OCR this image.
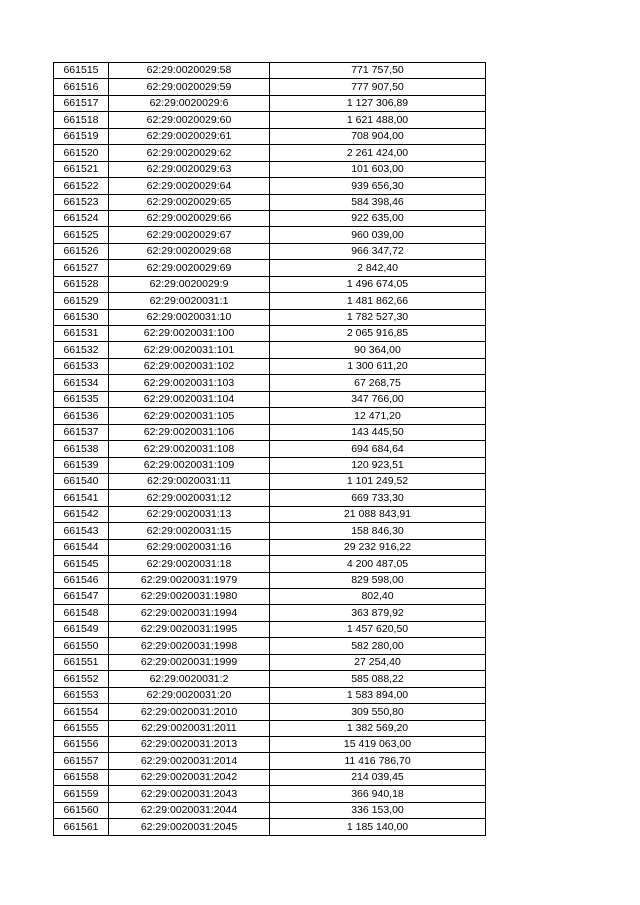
661515	62:29:0020029:58	771 757,50
661516	62:29:0020029:59	777 907,50
661517	62:29:0020029:6	1 127 306,89
661518	62:29:0020029:60	1 621 488,00
661519	62:29:0020029:61	708 904,00
661520	62:29:0020029:62	2 261 424,00
661521	62:29:0020029:63	101 603,00
661522	62:29:0020029:64	939 656,30
661523	62:29:0020029:65	584 398,46
661524	62:29:0020029:66	922 635,00
661525	62:29:0020029:67	960 039,00
661526	62:29:0020029:68	966 347,72
661527	62:29:0020029:69	2 842,40
661528	62:29:0020029:9	1 496 674,05
661529	62:29:0020031:1	1 481 862,66
661530	62:29:0020031:10	1 782 527,30
661531	62:29:0020031:100	2 065 916,85
661532	62:29:0020031:101	90 364,00
661533	62:29:0020031:102	1 300 611,20
661534	62:29:0020031:103	67 268,75
661535	62:29:0020031:104	347 766,00
661536	62:29:0020031:105	12 471,20
661537	62:29:0020031:106	143 445,50
661538	62:29:0020031:108	694 684,64
661539	62:29:0020031:109	120 923,51
661540	62:29:0020031:11	1 101 249,52
661541	62:29:0020031:12	669 733,30
661542	62:29:0020031:13	21 088 843,91
661543	62:29:0020031:15	158 846,30
661544	62:29:0020031:16	29 232 916,22
661545	62:29:0020031:18	4 200 487,05
661546	62:29:0020031:1979	829 598,00
661547	62:29:0020031:1980	802,40
661548	62:29:0020031:1994	363 879,92
661549	62:29:0020031:1995	1 457 620,50
661550	62:29:0020031:1998	582 280,00
661551	62:29:0020031:1999	27 254,40
661552	62:29:0020031:2	585 088,22
661553	62:29:0020031:20	1 583 894,00
661554	62:29:0020031:2010	309 550,80
661555	62:29:0020031:2011	1 382 569,20
661556	62:29:0020031:2013	15 419 063,00
661557	62:29:0020031:2014	11 416 786,70
661558	62:29:0020031:2042	214 039,45
661559	62:29:0020031:2043	366 940,18
661560	62:29:0020031:2044	336 153,00
661561	62:29:0020031:2045	1 185 140,00
